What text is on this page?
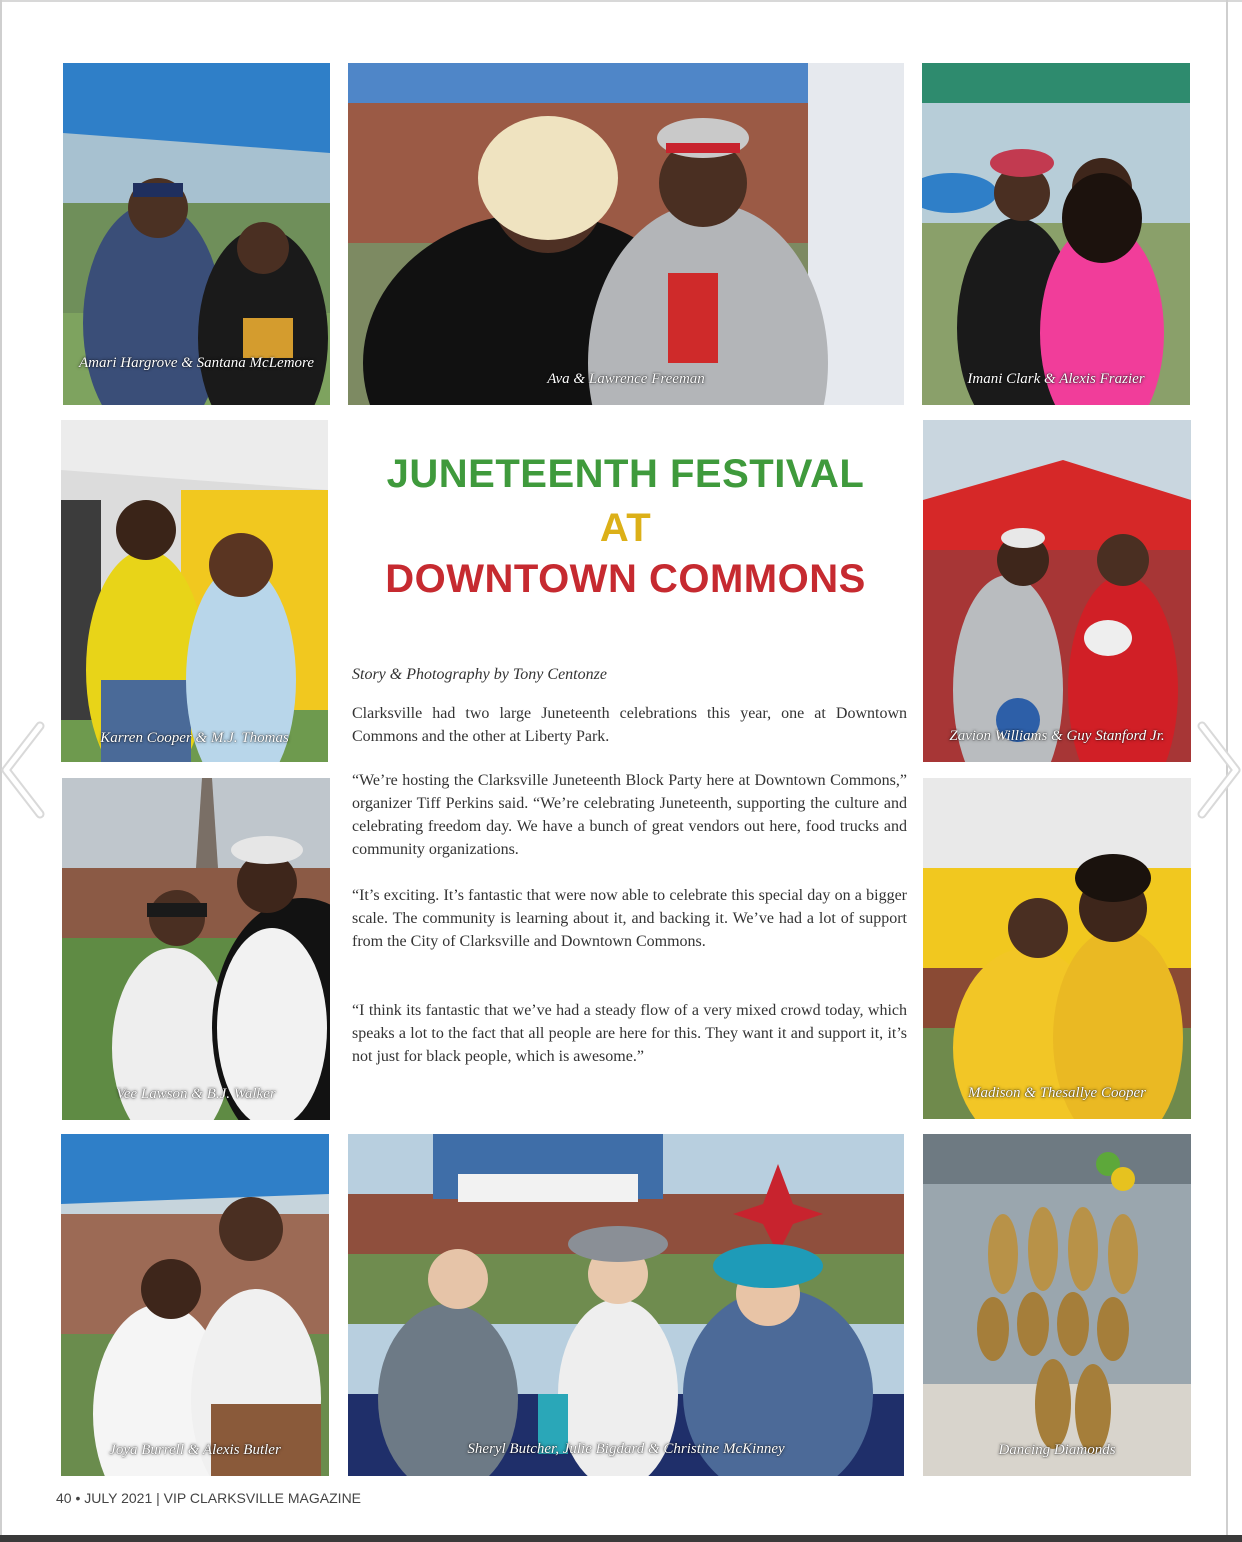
Amari Hargrove & Santana McLemore
Ava & Lawrence Freeman	Imani Clark & Alexis Frazier
Karren Cooper & M.J. Thomas	Zavion Williams & Guy Stanford Jr.
Vee Lawson & B.J. Walker	Madison & Thesallye Cooper
Joya Burrell & Alexis Butler	Sheryl Butcher, Julie Bigdard & Christine McKinney	Dancing Diamonds
JUNETEENTH FESTIVAL
AT
DOWNTOWN COMMONS
Story & Photography by Tony Centonze

Clarksville had two large Juneteenth celebrations this year, one at Downtown Commons and the other at Liberty Park.

“We’re hosting the Clarksville Juneteenth Block Party here at Downtown Commons,” organizer Tiff Perkins said. “We’re celebrating Juneteenth, supporting the culture and celebrating freedom day. We have a bunch of great vendors out here, food trucks and community organizations.

“It’s exciting. It’s fantastic that were now able to celebrate this special day on a bigger scale. The community is learning about it, and backing it. We’ve had a lot of support from the City of Clarksville and Downtown Commons.

“I think its fantastic that we’ve had a steady flow of a very mixed crowd today, which speaks a lot to the fact that all people are here for this. They want it and support it, it’s not just for black people, which is awesome.”

40 • JULY 2021 | VIP CLARKSVILLE MAGAZINE
